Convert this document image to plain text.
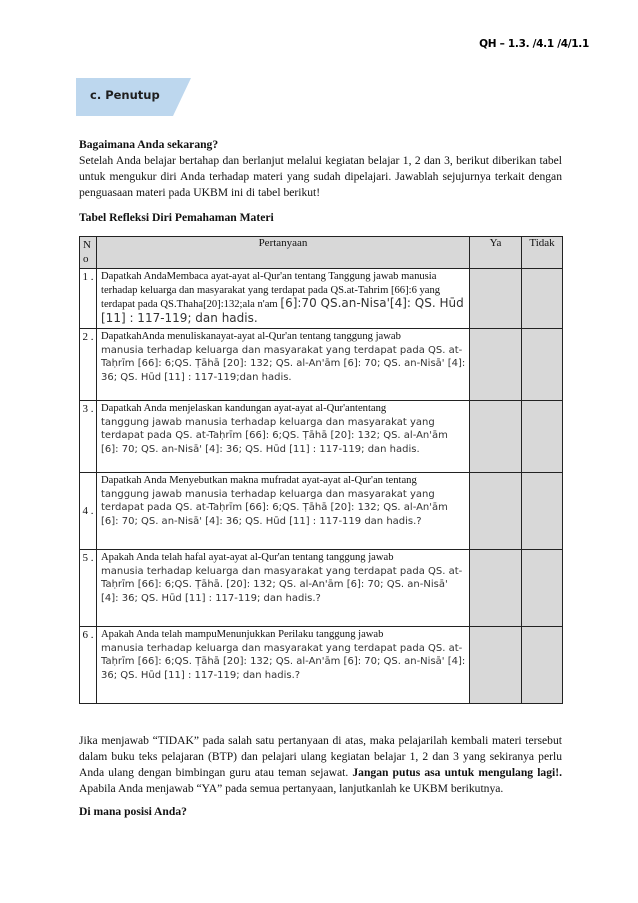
QH – 1.3. /4.1 /4/1.1
c. Penutup
Bagaimana Anda sekarang?
Setelah Anda belajar bertahap dan berlanjut melalui kegiatan belajar 1, 2 dan 3, berikut diberikan tabel untuk mengukur diri Anda terhadap materi yang sudah dipelajari. Jawablah sejujurnya terkait dengan penguasaan materi pada UKBM ini di tabel berikut!
Tabel Refleksi Diri Pemahaman Materi
N o	Pertanyaan	Ya	Tidak
1 .	Dapatkah AndaMembaca ayat-ayat al-Qur'an tentang Tanggung jawab manusia terhadap keluarga dan masyarakat yang terdapat pada QS.at-Tahrim [66]:6 yang terdapat pada QS.Thaha[20]:132;ala n'am [6]:70 QS.an-Nisa'[4]: QS. Hūd [11] : 117-119; dan hadis.		
2 .	DapatkahAnda menuliskanayat-ayat al-Qur'an tentang tanggung jawab
manusia terhadap keluarga dan masyarakat yang terdapat pada QS. at-Taḥrīm [66]: 6;QS. Ṭāhā [20]: 132; QS. al-An'ām [6]: 70; QS. an-Nisā' [4]: 36; QS. Hūd [11] : 117-119;dan hadis.		

3 .	Dapatkah Anda menjelaskan kandungan ayat-ayat al-Qur'antentang
tanggung jawab manusia terhadap keluarga dan masyarakat yang terdapat pada QS. at-Taḥrīm [66]: 6;QS. Ṭāhā [20]: 132; QS. al-An'ām [6]: 70; QS. an-Nisā' [4]: 36; QS. Hūd [11] : 117-119; dan hadis.		

4 .	Dapatkah Anda Menyebutkan makna mufradat ayat-ayat al-Qur'an tentang
tanggung jawab manusia terhadap keluarga dan masyarakat yang terdapat pada QS. at-Taḥrīm [66]: 6;QS. Ṭāhā [20]: 132; QS. al-An'ām [6]: 70; QS. an-Nisā' [4]: 36; QS. Hūd [11] : 117-119 dan hadis.?		

5 .	Apakah Anda telah hafal ayat-ayat al-Qur'an tentang tanggung jawab
manusia terhadap keluarga dan masyarakat yang terdapat pada QS. at-Taḥrīm [66]: 6;QS. Ṭāhā. [20]: 132; QS. al-An'ām [6]: 70; QS. an-Nisā' [4]: 36; QS. Hūd [11] : 117-119; dan hadis.?		

6 .	Apakah Anda telah mampuMenunjukkan Perilaku tanggung jawab
manusia terhadap keluarga dan masyarakat yang terdapat pada QS. at-Taḥrīm [66]: 6;QS. Ṭāhā [20]: 132; QS. al-An'ām [6]: 70; QS. an-Nisā' [4]: 36; QS. Hūd [11] : 117-119; dan hadis.?		

Jika menjawab “TIDAK” pada salah satu pertanyaan di atas, maka pelajarilah kembali materi tersebut dalam buku teks pelajaran (BTP) dan pelajari ulang kegiatan belajar 1, 2 dan 3 yang sekiranya perlu Anda ulang dengan bimbingan guru atau teman sejawat. Jangan putus asa untuk mengulang lagi!. Apabila Anda menjawab “YA” pada semua pertanyaan, lanjutkanlah ke UKBM berikutnya.
Di mana posisi Anda?
